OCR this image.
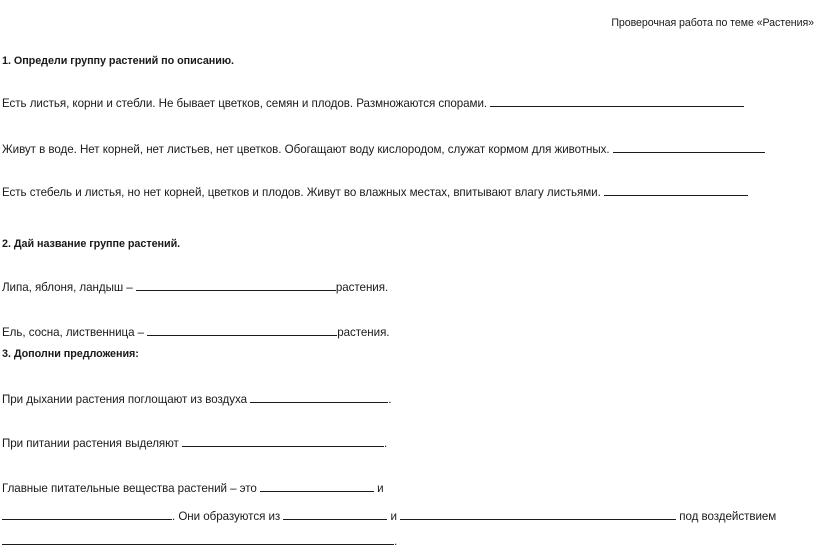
Проверочная работа по теме «Растения»
1. Определи группу растений по описанию.
Есть листья, корни и стебли. Не бывает цветков, семян и плодов. Размножаются спорами.
Живут в воде. Нет корней, нет листьев, нет цветков. Обогащают воду кислородом, служат кормом для животных.
Есть стебель и листья, но нет корней, цветков и плодов. Живут во влажных местах, впитывают влагу листьями.
2. Дай название группе растений.
Липа, яблоня, ландыш –	растения.
Ель, сосна, лиственница –	растения.
3. Дополни предложения:
При дыхании растения поглощают из воздуха	.
При питании растения выделяют	.
Главные питательные вещества растений – это	и
. Они образуются из	и	под воздействием
.
